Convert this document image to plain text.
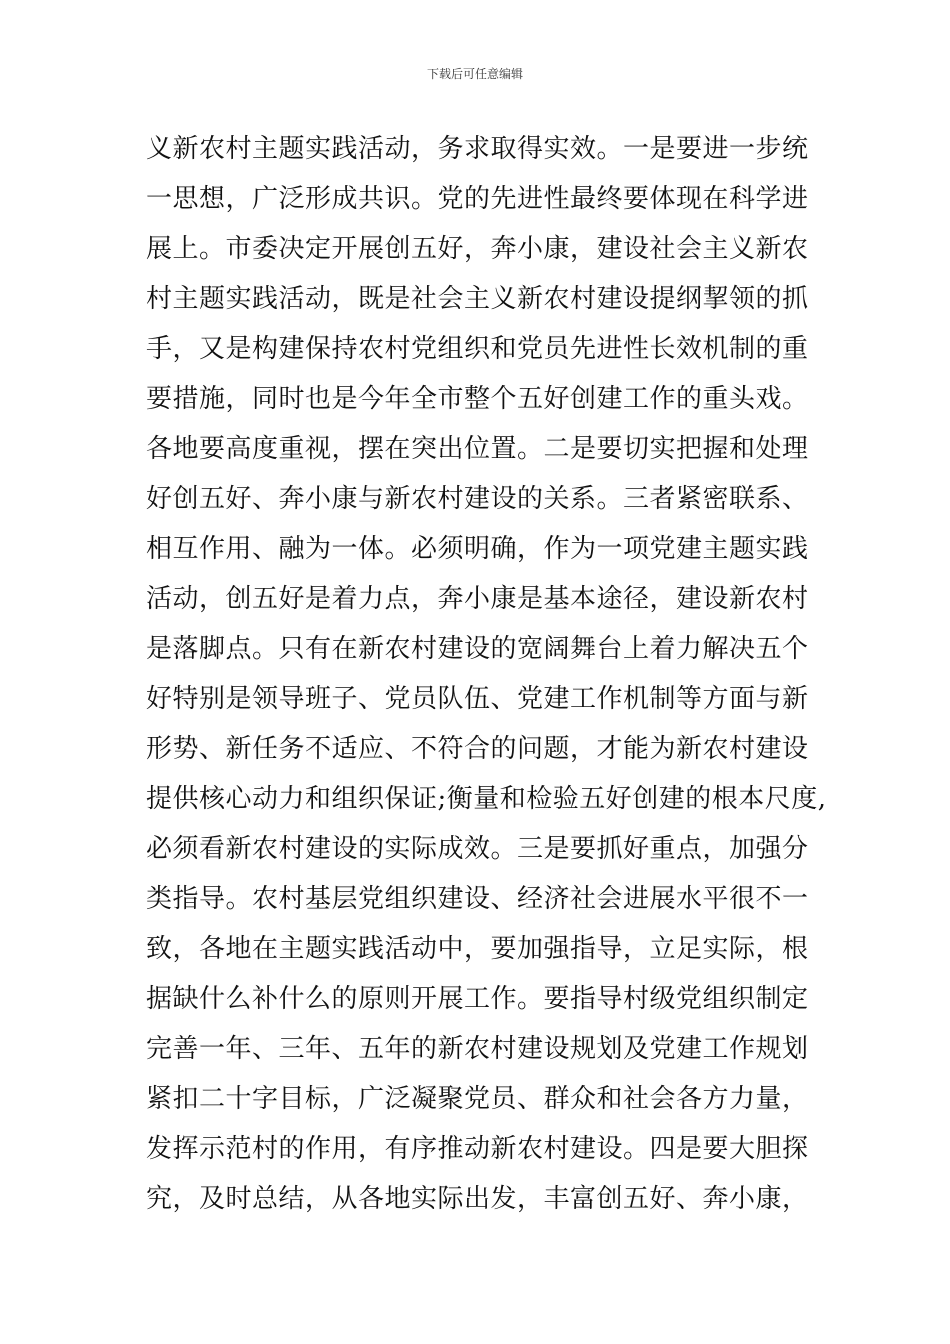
下载后可任意编辑
义新农村主题实践活动，务求取得实效。一是要进一步统
一思想，广泛形成共识。党的先进性最终要体现在科学进
展上。市委决定开展创五好，奔小康，建设社会主义新农
村主题实践活动，既是社会主义新农村建设提纲挈领的抓
手，又是构建保持农村党组织和党员先进性长效机制的重
要措施，同时也是今年全市整个五好创建工作的重头戏。
各地要高度重视，摆在突出位置。二是要切实把握和处理
好创五好、奔小康与新农村建设的关系。三者紧密联系、
相互作用、融为一体。必须明确，作为一项党建主题实践
活动，创五好是着力点，奔小康是基本途径，建设新农村
是落脚点。只有在新农村建设的宽阔舞台上着力解决五个
好特别是领导班子、党员队伍、党建工作机制等方面与新
形势、新任务不适应、不符合的问题，才能为新农村建设
提供核心动力和组织保证;衡量和检验五好创建的根本尺度,
必须看新农村建设的实际成效。三是要抓好重点，加强分
类指导。农村基层党组织建设、经济社会进展水平很不一
致，各地在主题实践活动中，要加强指导，立足实际，根
据缺什么补什么的原则开展工作。要指导村级党组织制定
完善一年、三年、五年的新农村建设规划及党建工作规划
紧扣二十字目标，广泛凝聚党员、群众和社会各方力量，
发挥示范村的作用，有序推动新农村建设。四是要大胆探
究，及时总结，从各地实际出发，丰富创五好、奔小康，
